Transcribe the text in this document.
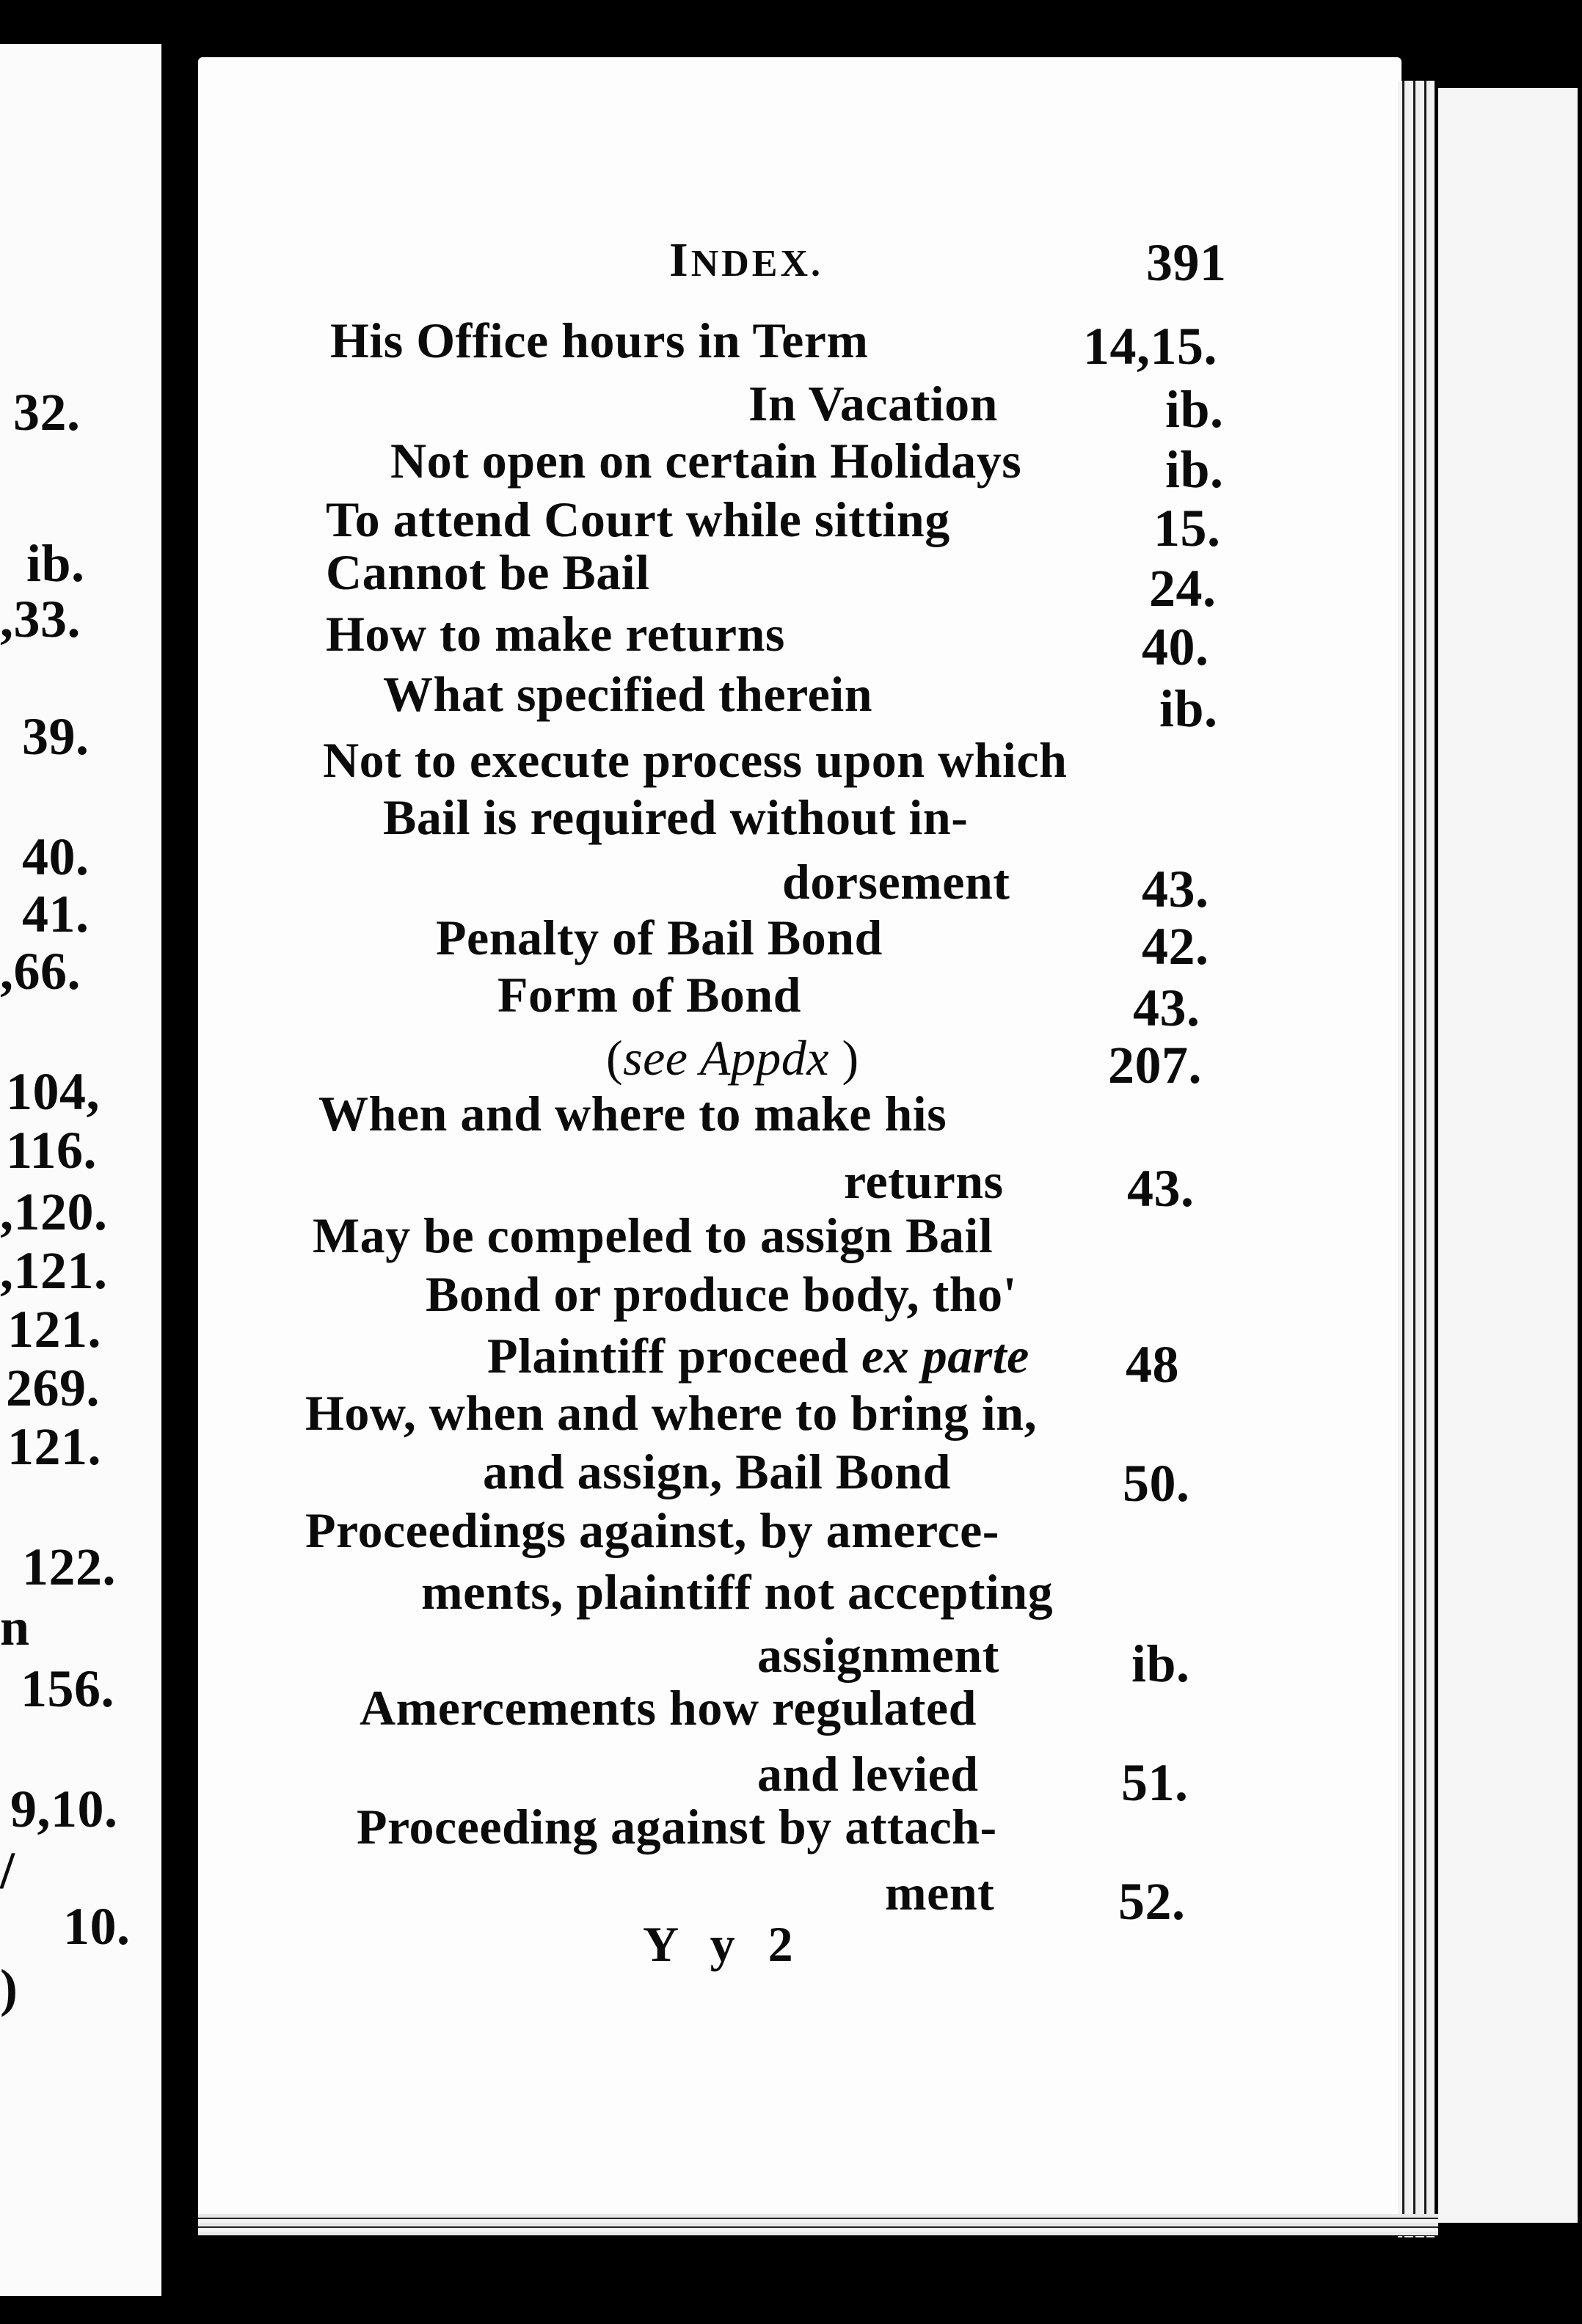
32.
ib.
,33.
39.
40.
41.
,66.
104,
116.
,120.
,121.
121.
269.
121.
122.
n
156.
9,10.
/
10.
)
INDEX.	391
His Office hours in Term	14,15.
In Vacation	ib.
Not open on certain Holidays	ib.
To attend Court while sitting	15.
Cannot be Bail	24.
How to make returns	40.
What specified therein	ib.
Not to execute process upon which
Bail is required without in-
dorsement 43.
Penalty of Bail Bond	42.
Form of Bond	43.
(see Appdx )	207.
When and where to make his
returns 43.
May be compeled to assign Bail
Bond or produce body, tho'
Plaintiff proceed ex parte 48
How, when and where to bring in,
and assign, Bail Bond	50.
Proceedings against, by amerce-
ments, plaintiff not accepting
assignment	ib.
Amercements how regulated
and levied	51.
Proceeding against by attach-
ment 52.
Y y 2
